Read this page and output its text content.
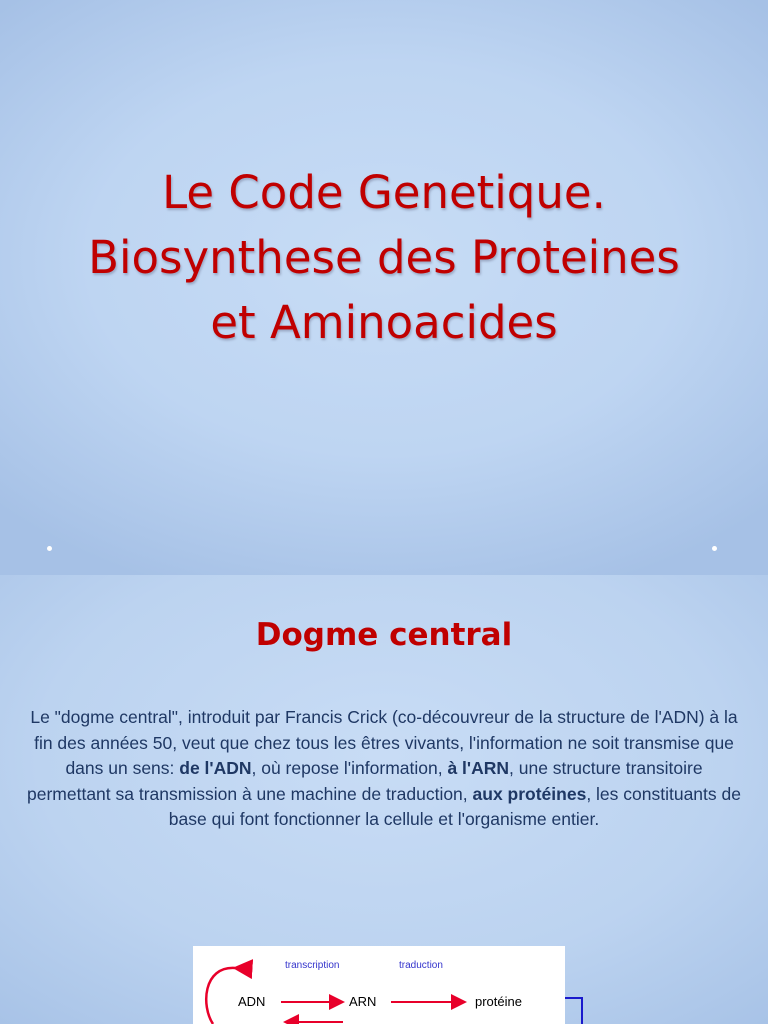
Le Code Genetique.
Biosynthese des Proteines
et Aminoacides
Dogme central

Le "dogme central", introduit par Francis Crick (co-découvreur de la structure de l'ADN) à la fin des années 50, veut que chez tous les êtres vivants, l'information ne soit transmise que dans un sens: de l'ADN, où repose l'information, à l'ARN, une structure transitoire permettant sa transmission à une machine de traduction, aux protéines, les constituants de base qui font fonctionner la cellule et l'organisme entier.

transcription	traduction
ADN	ARN	protéine
